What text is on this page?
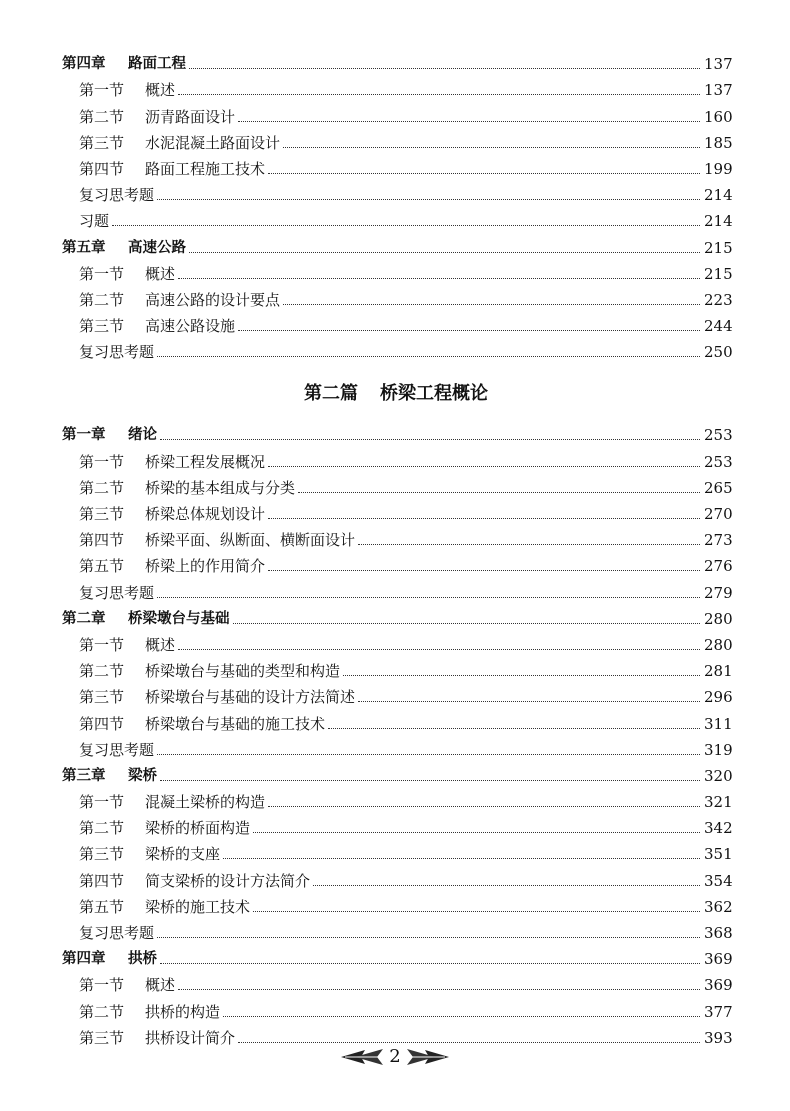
第四章	路面工程	137
第一节	概述	137
第二节	沥青路面设计	160
第三节	水泥混凝土路面设计	185
第四节	路面工程施工技术	199
复习思考题	214
习题	214
第五章	高速公路	215
第一节	概述	215
第二节	高速公路的设计要点	223
第三节	高速公路设施	244
复习思考题	250
第二篇 桥梁工程概论
第一章	绪论	253
第一节	桥梁工程发展概况	253
第二节	桥梁的基本组成与分类	265
第三节	桥梁总体规划设计	270
第四节	桥梁平面、纵断面、横断面设计	273
第五节	桥梁上的作用简介	276
复习思考题	279
第二章	桥梁墩台与基础	280
第一节	概述	280
第二节	桥梁墩台与基础的类型和构造	281
第三节	桥梁墩台与基础的设计方法简述	296
第四节	桥梁墩台与基础的施工技术	311
复习思考题	319
第三章	梁桥	320
第一节	混凝土梁桥的构造	321
第二节	梁桥的桥面构造	342
第三节	梁桥的支座	351
第四节	简支梁桥的设计方法简介	354
第五节	梁桥的施工技术	362
复习思考题	368
第四章	拱桥	369
第一节	概述	369
第二节	拱桥的构造	377
第三节	拱桥设计简介	393
2
